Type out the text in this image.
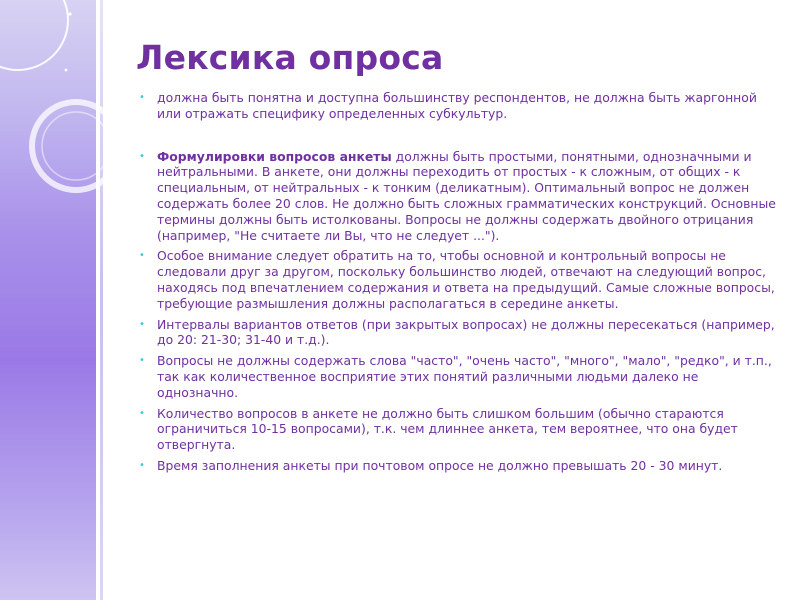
Лексика опроса
• должна быть понятна и доступна большинству респондентов, не должна быть жаргонной или отражать специфику определенных субкультур.
• Формулировки вопросов анкеты должны быть простыми, понятными, однозначными и нейтральными. В анкете, они должны переходить от простых - к сложным, от общих - к специальным, от нейтральных - к тонким (деликатным). Оптимальный вопрос не должен содержать более 20 слов. Не должно быть сложных грамматических конструкций. Основные термины должны быть истолкованы. Вопросы не должны содержать двойного отрицания (например, "Не считаете ли Вы, что не следует ...").
• Особое внимание следует обратить на то, чтобы основной и контрольный вопросы не следовали друг за другом, поскольку большинство людей, отвечают на следующий вопрос, находясь под впечатлением содержания и ответа на предыдущий. Самые сложные вопросы, требующие размышления должны располагаться в середине анкеты.
• Интервалы вариантов ответов (при закрытых вопросах) не должны пересекаться (например, до 20: 21-30; 31-40 и т.д.).
• Вопросы не должны содержать слова "часто", "очень часто", "много", "мало", "редко", и т.п., так как количественное восприятие этих понятий различными людьми далеко не однозначно.
• Количество вопросов в анкете не должно быть слишком большим (обычно стараются ограничиться 10-15 вопросами), т.к. чем длиннее анкета, тем вероятнее, что она будет отвергнута.
• Время заполнения анкеты при почтовом опросе не должно превышать 20 - 30 минут.
